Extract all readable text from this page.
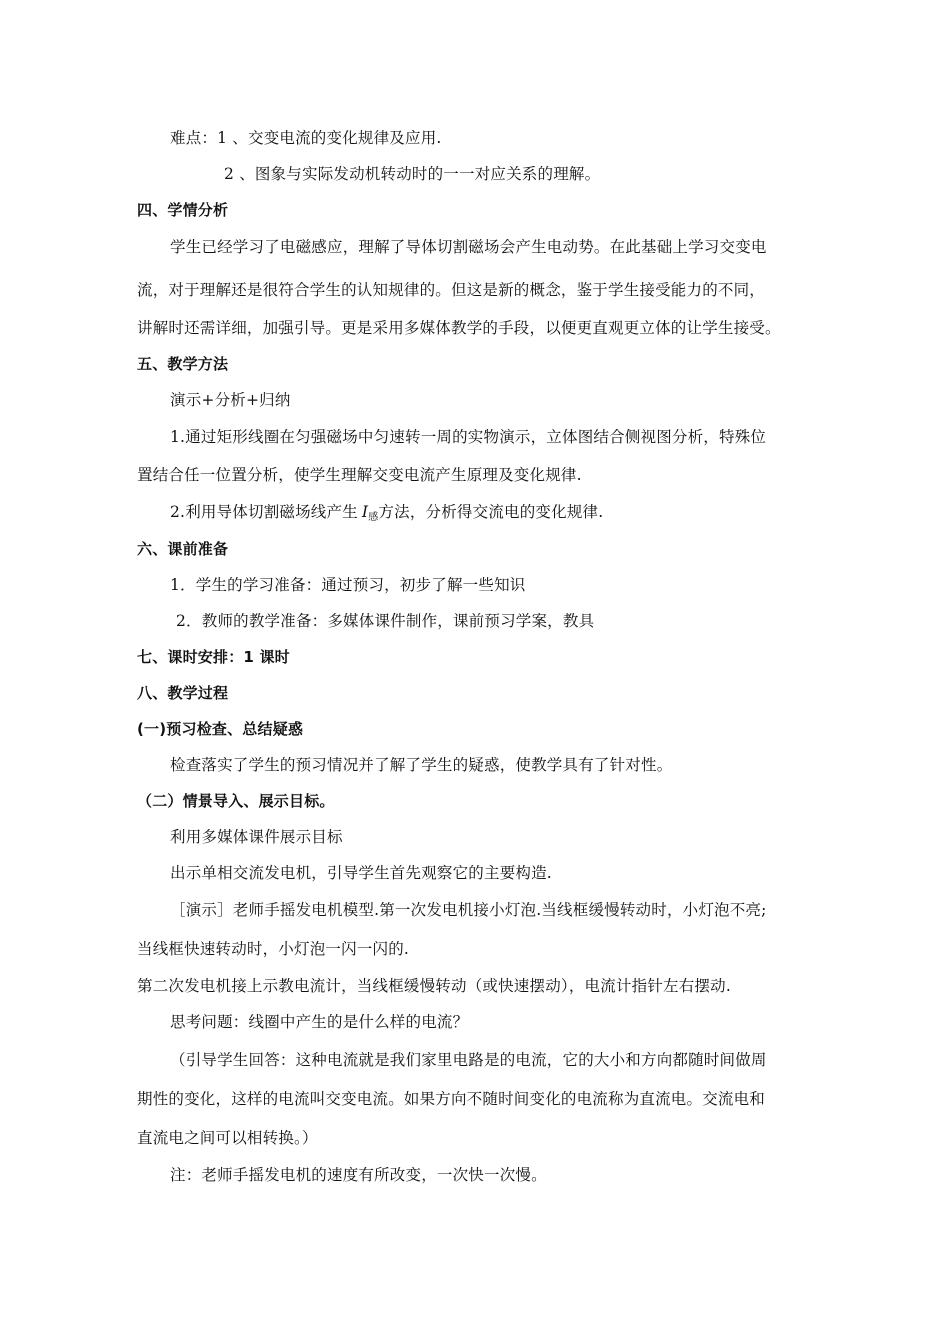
难点：1 、交变电流的变化规律及应用.
2 、图象与实际发动机转动时的一一对应关系的理解。
四、学情分析
学生已经学习了电磁感应，理解了导体切割磁场会产生电动势。在此基础上学习交变电
流，对于理解还是很符合学生的认知规律的。但这是新的概念，鉴于学生接受能力的不同，
讲解时还需详细，加强引导。更是采用多媒体教学的手段，以便更直观更立体的让学生接受。
五、教学方法
演示+分析+归纳
1.通过矩形线圈在匀强磁场中匀速转一周的实物演示，立体图结合侧视图分析，特殊位
置结合任一位置分析，使学生理解交变电流产生原理及变化规律.
2.利用导体切割磁场线产生 $I_感$方法，分析得交流电的变化规律.
六、课前准备
1．学生的学习准备：通过预习，初步了解一些知识
2．教师的教学准备：多媒体课件制作，课前预习学案，教具
七、课时安排：1 课时
八、教学过程
(一)预习检查、总结疑惑
检查落实了学生的预习情况并了解了学生的疑惑，使教学具有了针对性。
（二）情景导入、展示目标。
利用多媒体课件展示目标
出示单相交流发电机，引导学生首先观察它的主要构造.
［演示］老师手摇发电机模型.第一次发电机接小灯泡.当线框缓慢转动时，小灯泡不亮;
当线框快速转动时，小灯泡一闪一闪的.
第二次发电机接上示教电流计，当线框缓慢转动（或快速摆动），电流计指针左右摆动.
思考问题：线圈中产生的是什么样的电流？
（引导学生回答：这种电流就是我们家里电路是的电流，它的大小和方向都随时间做周
期性的变化，这样的电流叫交变电流。如果方向不随时间变化的电流称为直流电。交流电和
直流电之间可以相转换。）
注：老师手摇发电机的速度有所改变，一次快一次慢。
